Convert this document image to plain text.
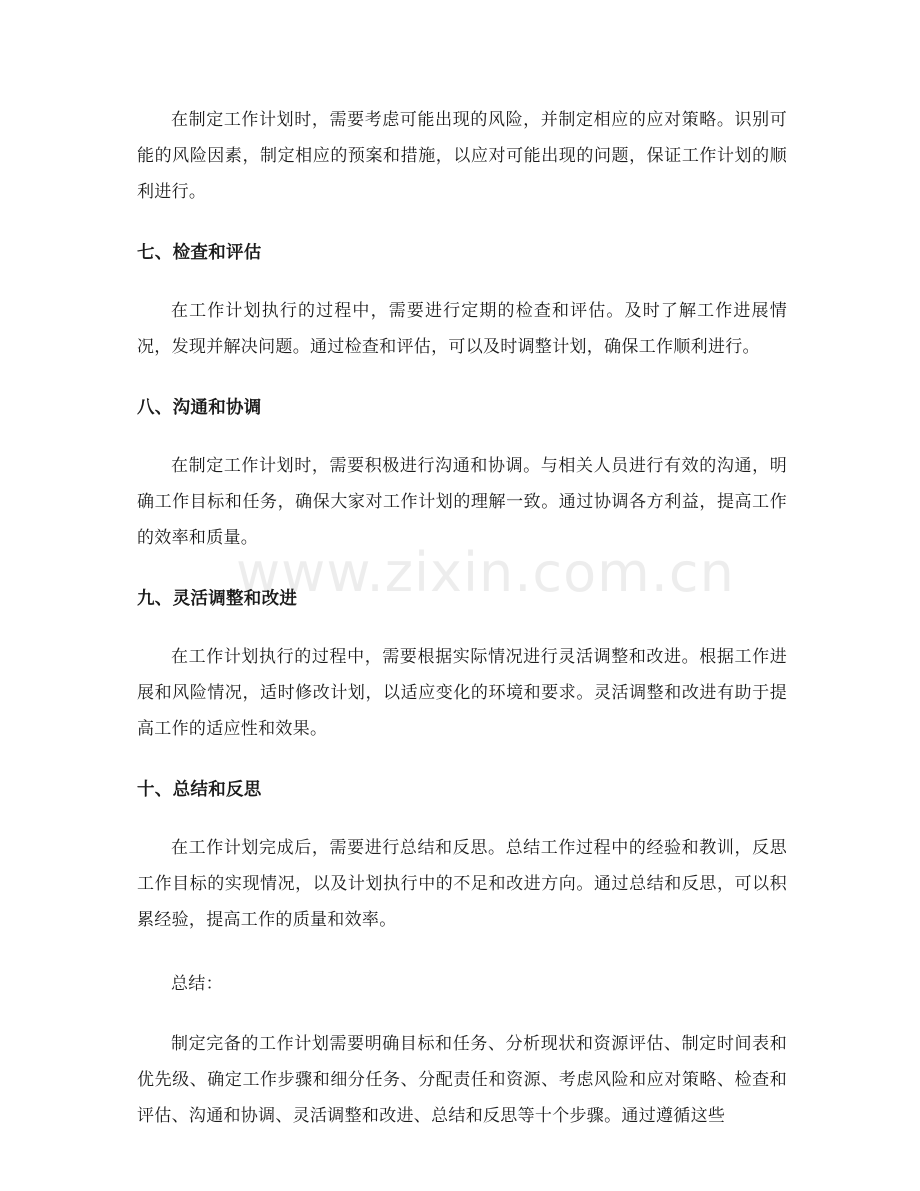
www.zixin.com.cn

在制定工作计划时，需要考虑可能出现的风险，并制定相应的应对策略。识别可能的风险因素，制定相应的预案和措施，以应对可能出现的问题，保证工作计划的顺利进行。

七、检查和评估

在工作计划执行的过程中，需要进行定期的检查和评估。及时了解工作进展情况，发现并解决问题。通过检查和评估，可以及时调整计划，确保工作顺利进行。

八、沟通和协调

在制定工作计划时，需要积极进行沟通和协调。与相关人员进行有效的沟通，明确工作目标和任务，确保大家对工作计划的理解一致。通过协调各方利益，提高工作的效率和质量。

九、灵活调整和改进

在工作计划执行的过程中，需要根据实际情况进行灵活调整和改进。根据工作进展和风险情况，适时修改计划，以适应变化的环境和要求。灵活调整和改进有助于提高工作的适应性和效果。

十、总结和反思

在工作计划完成后，需要进行总结和反思。总结工作过程中的经验和教训，反思工作目标的实现情况，以及计划执行中的不足和改进方向。通过总结和反思，可以积累经验，提高工作的质量和效率。

总结：

制定完备的工作计划需要明确目标和任务、分析现状和资源评估、制定时间表和优先级、确定工作步骤和细分任务、分配责任和资源、考虑风险和应对策略、检查和评估、沟通和协调、灵活调整和改进、总结和反思等十个步骤。通过遵循这些
